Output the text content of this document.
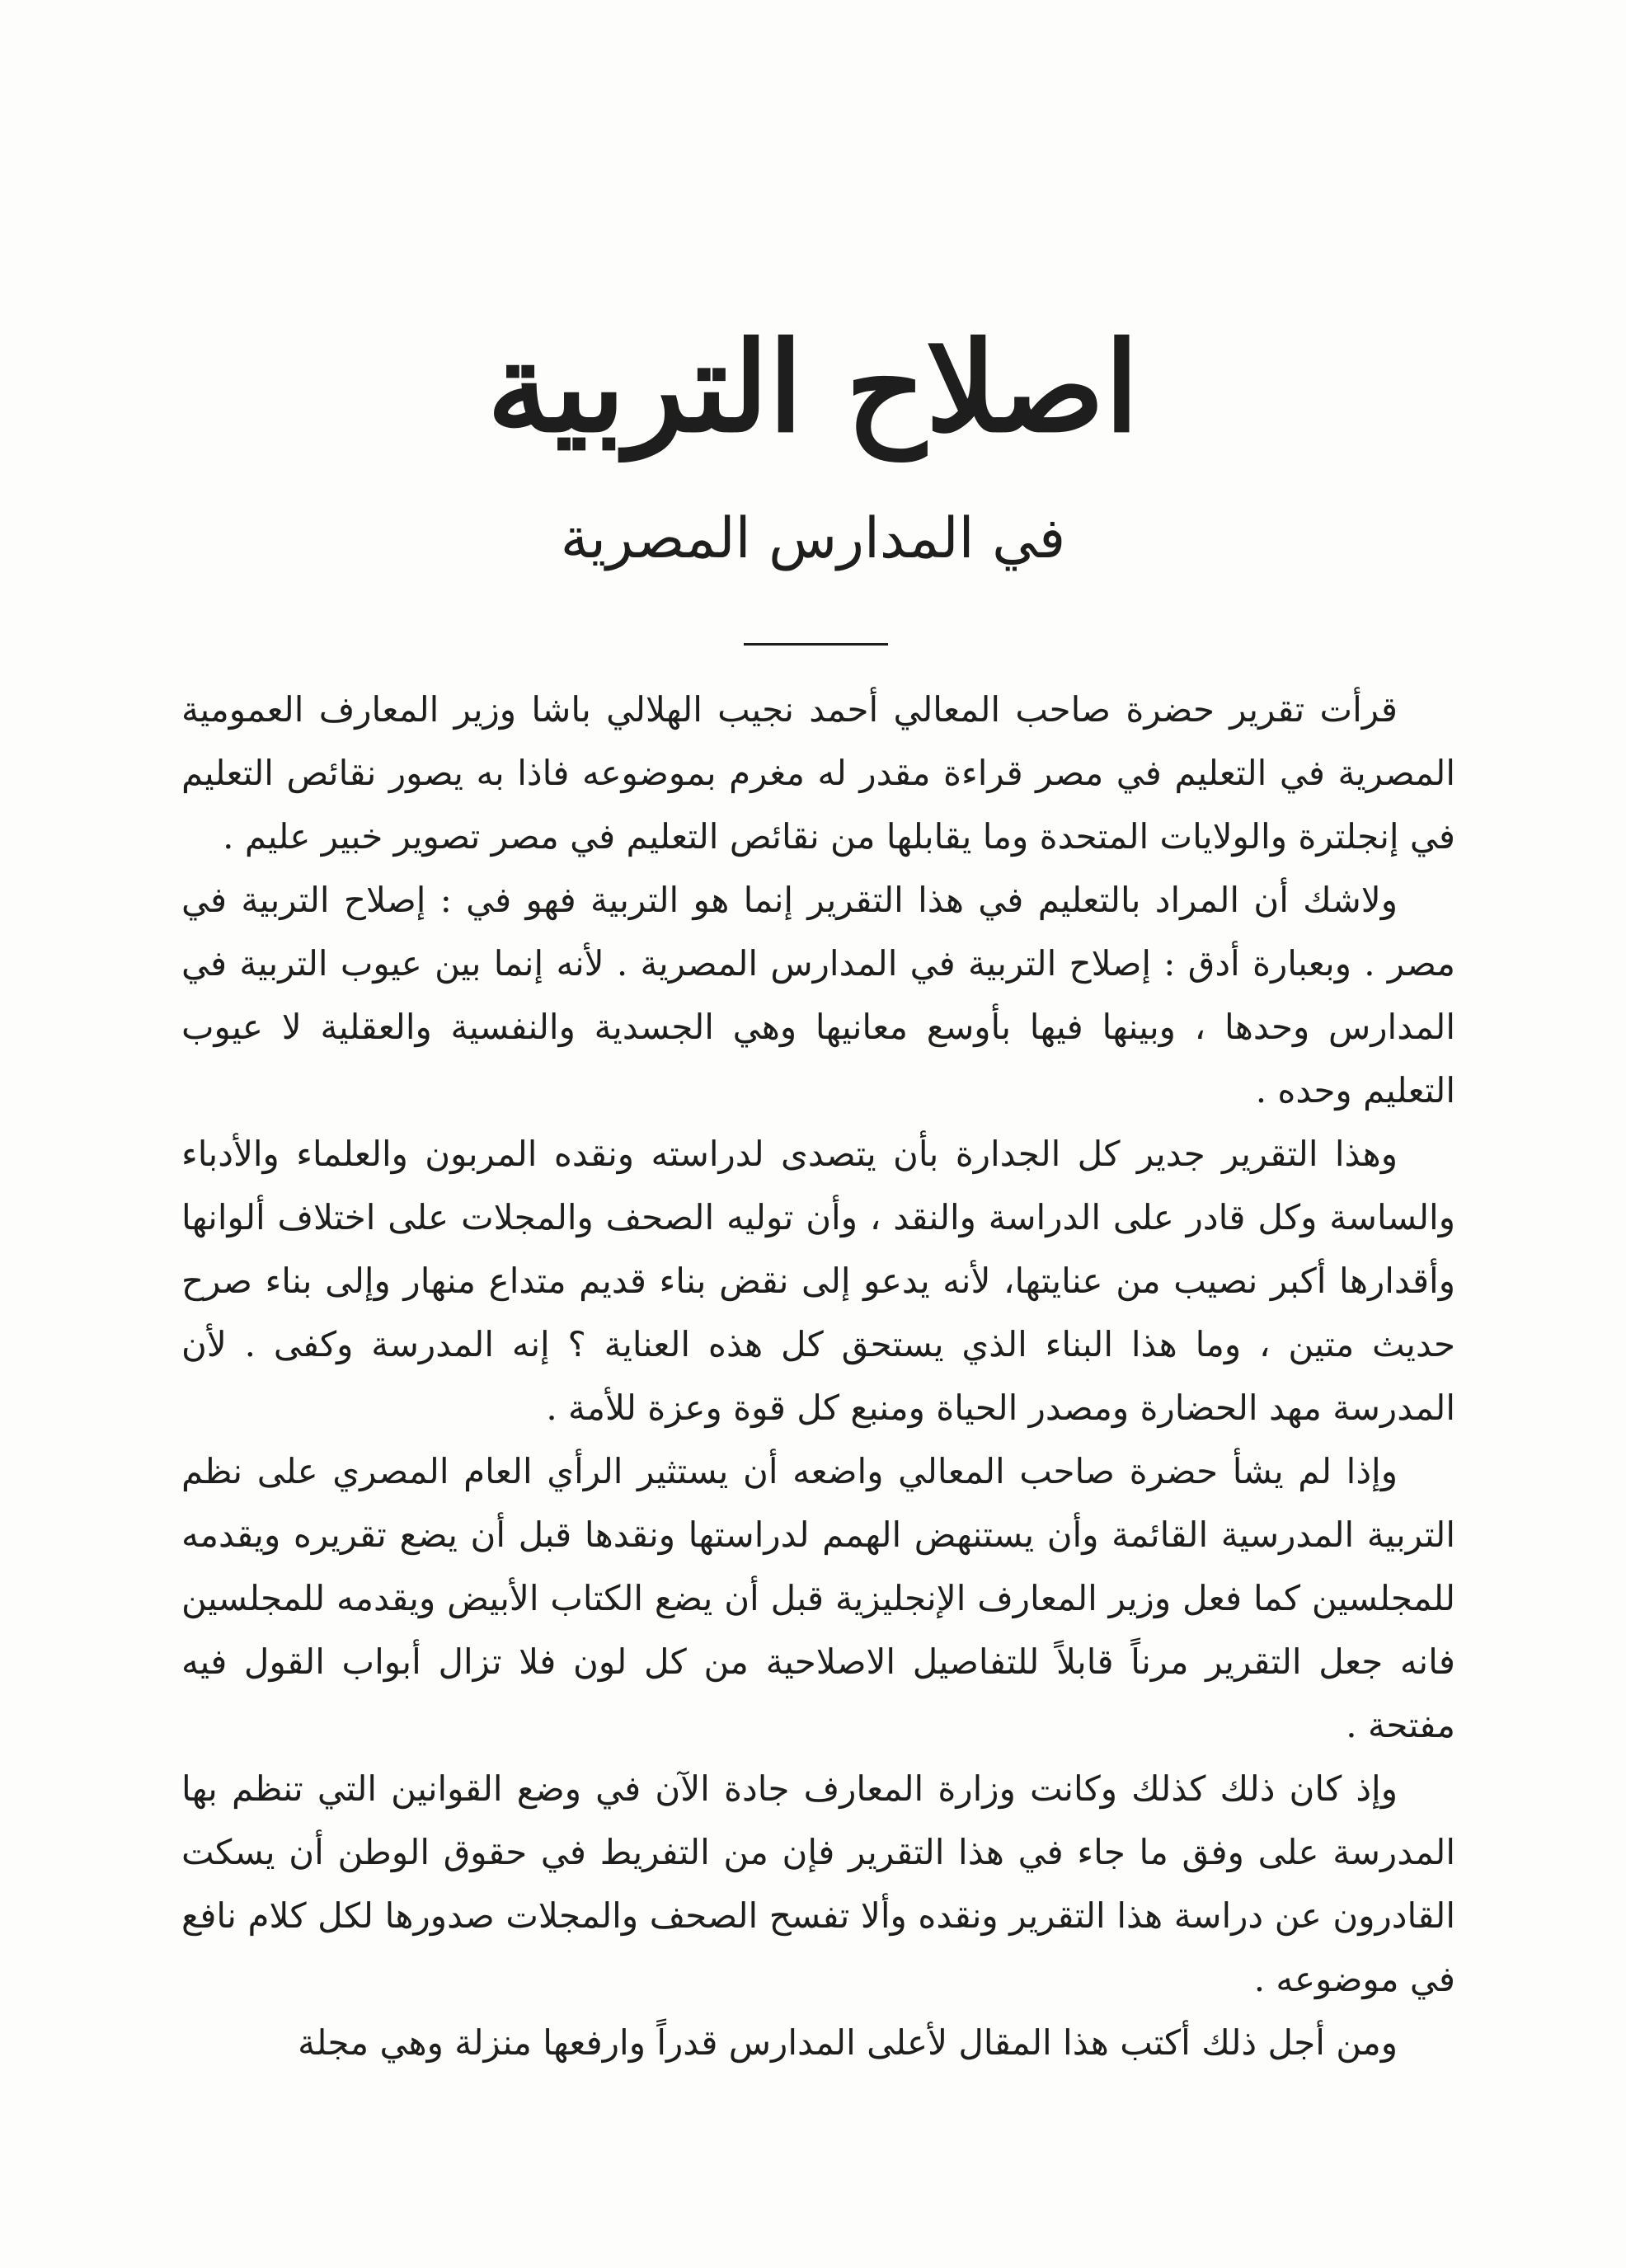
اصلاح التربية
في المدارس المصرية

قرأت تقرير حضرة صاحب المعالي أحمد نجيب الهلالي باشا وزير المعارف العمومية المصرية في التعليم في مصر قراءة مقدر له مغرم بموضوعه فاذا به يصور نقائص التعليم في إنجلترة والولايات المتحدة وما يقابلها من نقائص التعليم في مصر تصوير خبير عليم .

ولاشك أن المراد بالتعليم في هذا التقرير إنما هو التربية فهو في : إصلاح التربية في مصر . وبعبارة أدق : إصلاح التربية في المدارس المصرية . لأنه إنما بين عيوب التربية في المدارس وحدها ، وبينها فيها بأوسع معانيها وهي الجسدية والنفسية والعقلية لا عيوب التعليم وحده .

وهذا التقرير جدير كل الجدارة بأن يتصدى لدراسته ونقده المربون والعلماء والأدباء والساسة وكل قادر على الدراسة والنقد ، وأن توليه الصحف والمجلات على اختلاف ألوانها وأقدارها أكبر نصيب من عنايتها، لأنه يدعو إلى نقض بناء قديم متداع منهار وإلى بناء صرح حديث متين ، وما هذا البناء الذي يستحق كل هذه العناية ؟ إنه المدرسة وكفى . لأن المدرسة مهد الحضارة ومصدر الحياة ومنبع كل قوة وعزة للأمة .

وإذا لم يشأ حضرة صاحب المعالي واضعه أن يستثير الرأي العام المصري على نظم التربية المدرسية القائمة وأن يستنهض الهمم لدراستها ونقدها قبل أن يضع تقريره ويقدمه للمجلسين كما فعل وزير المعارف الإنجليزية قبل أن يضع الكتاب الأبيض ويقدمه للمجلسين فانه جعل التقرير مرناً قابلاً للتفاصيل الاصلاحية من كل لون فلا تزال أبواب القول فيه مفتحة .

وإذ كان ذلك كذلك وكانت وزارة المعارف جادة الآن في وضع القوانين التي تنظم بها المدرسة على وفق ما جاء في هذا التقرير فإن من التفريط في حقوق الوطن أن يسكت القادرون عن دراسة هذا التقرير ونقده وألا تفسح الصحف والمجلات صدورها لكل كلام نافع في موضوعه .

ومن أجل ذلك أكتب هذا المقال لأعلى المدارس قدراً وارفعها منزلة وهي مجلة
